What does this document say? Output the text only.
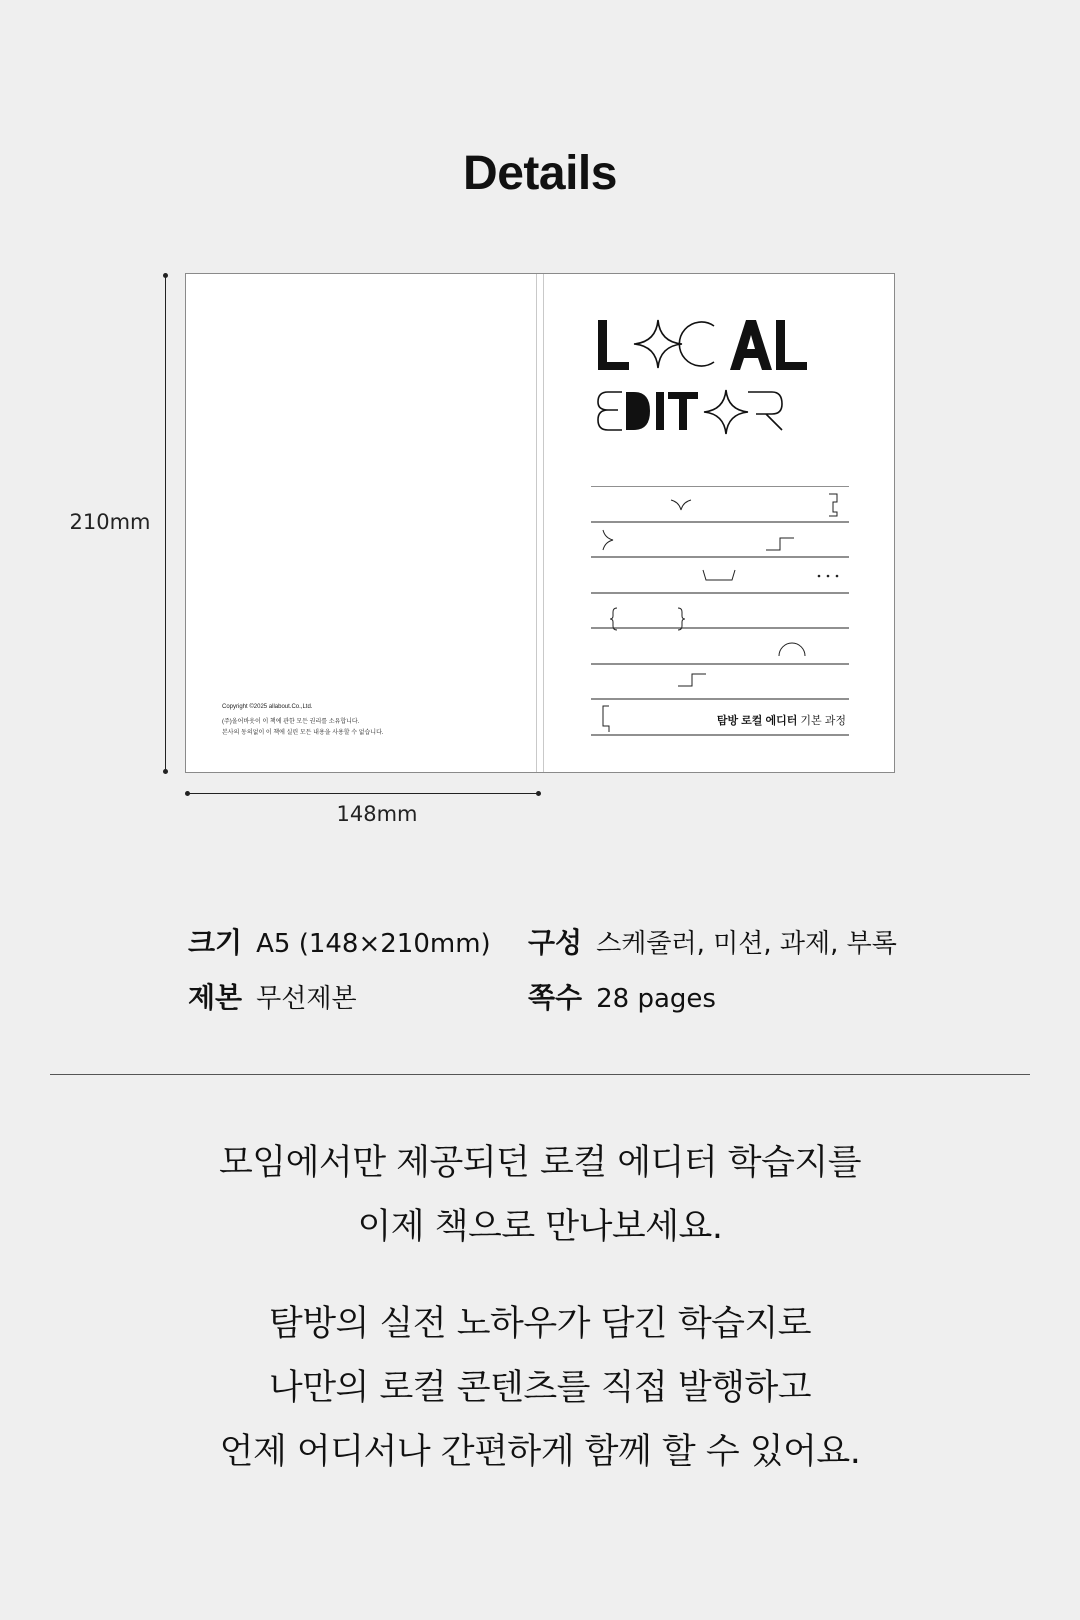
Details
210mm
148mm
Copyright ©2025 allabout.Co.,Ltd.
(주)올어바웃이 이 책에 관한 모든 권리를 소유합니다.
본사의 동의없이 이 책에 실린 모든 내용을 사용할 수 없습니다.
탐방 로컬 에디터 기본 과정
크기 A5 (148×210mm) 구성 스케줄러, 미션, 과제, 부록
제본 무선제본	쪽수 28 pages
모임에서만 제공되던 로컬 에디터 학습지를
이제 책으로 만나보세요.
탐방의 실전 노하우가 담긴 학습지로
나만의 로컬 콘텐츠를 직접 발행하고
언제 어디서나 간편하게 함께 할 수 있어요.
